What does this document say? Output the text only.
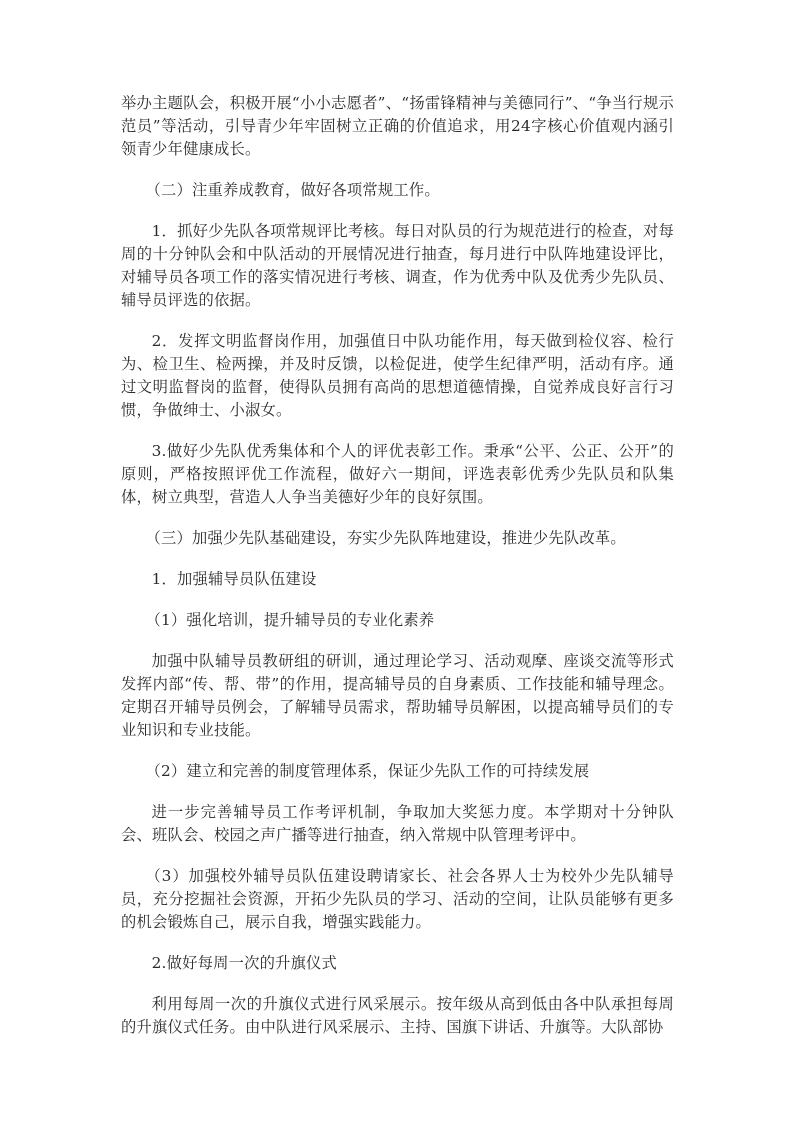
举办主题队会，积极开展“小小志愿者”、“扬雷锋精神与美德同行”、“争当行规示范员”等活动，引导青少年牢固树立正确的价值追求，用24字核心价值观内涵引领青少年健康成长。

（二）注重养成教育，做好各项常规工作。

1．抓好少先队各项常规评比考核。每日对队员的行为规范进行的检查，对每周的十分钟队会和中队活动的开展情况进行抽查，每月进行中队阵地建设评比，对辅导员各项工作的落实情况进行考核、调查，作为优秀中队及优秀少先队员、辅导员评选的依据。

2．发挥文明监督岗作用，加强值日中队功能作用，每天做到检仪容、检行为、检卫生、检两操，并及时反馈，以检促进，使学生纪律严明，活动有序。通过文明监督岗的监督，使得队员拥有高尚的思想道德情操，自觉养成良好言行习惯，争做绅士、小淑女。

3.做好少先队优秀集体和个人的评优表彰工作。秉承“公平、公正、公开”的原则，严格按照评优工作流程，做好六一期间，评选表彰优秀少先队员和队集体，树立典型，营造人人争当美德好少年的良好氛围。

（三）加强少先队基础建设，夯实少先队阵地建设，推进少先队改革。

1．加强辅导员队伍建设

（1）强化培训，提升辅导员的专业化素养

加强中队辅导员教研组的研训，通过理论学习、活动观摩、座谈交流等形式发挥内部“传、帮、带”的作用，提高辅导员的自身素质、工作技能和辅导理念。定期召开辅导员例会，了解辅导员需求，帮助辅导员解困，以提高辅导员们的专业知识和专业技能。

（2）建立和完善的制度管理体系，保证少先队工作的可持续发展

进一步完善辅导员工作考评机制，争取加大奖惩力度。本学期对十分钟队会、班队会、校园之声广播等进行抽查，纳入常规中队管理考评中。

（3）加强校外辅导员队伍建设聘请家长、社会各界人士为校外少先队辅导员，充分挖掘社会资源，开拓少先队员的学习、活动的空间，让队员能够有更多的机会锻炼自己，展示自我，增强实践能力。

2.做好每周一次的升旗仪式

利用每周一次的升旗仪式进行风采展示。按年级从高到低由各中队承担每周的升旗仪式任务。由中队进行风采展示、主持、国旗下讲话、升旗等。大队部协
